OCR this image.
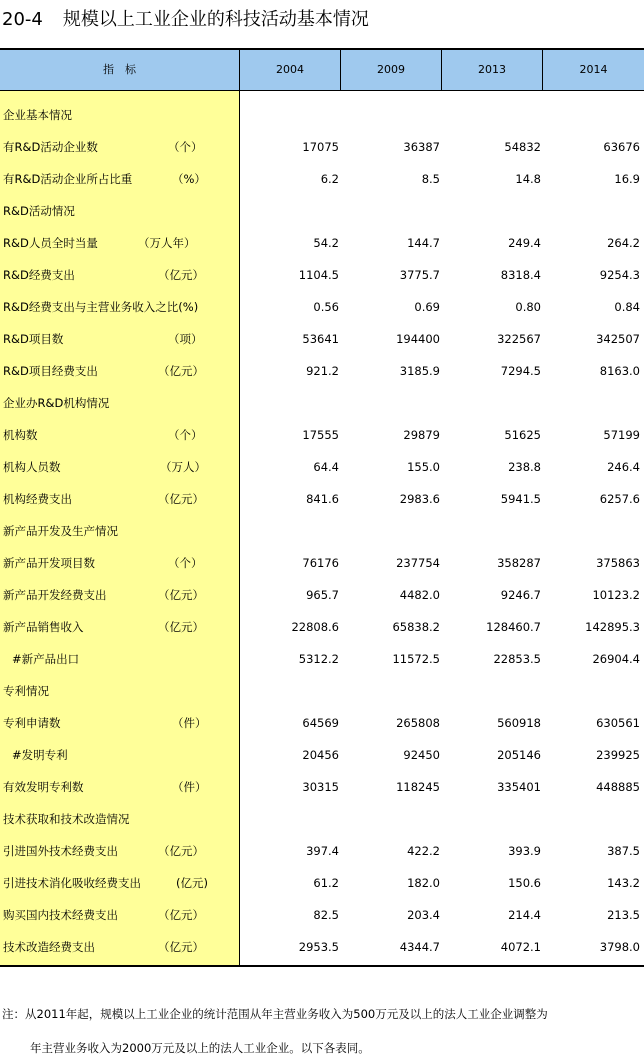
20-4 规模以上工业企业的科技活动基本情况
指　标	2004	2009	2013	2014
企业基本情况
有R&D活动企业数	（个）	17075	36387	54832	63676
有R&D活动企业所占比重	（%）	6.2	8.5	14.8	16.9
R&D活动情况
R&D人员全时当量	（万人年）	54.2	144.7	249.4	264.2
R&D经费支出	（亿元）	1104.5	3775.7	8318.4	9254.3
R&D经费支出与主营业务收入之比(%)	0.56	0.69	0.80	0.84
R&D项目数	（项）	53641	194400	322567	342507
R&D项目经费支出	（亿元）	921.2	3185.9	7294.5	8163.0
企业办R&D机构情况
机构数	（个）	17555	29879	51625	57199
机构人员数	（万人）	64.4	155.0	238.8	246.4
机构经费支出	（亿元）	841.6	2983.6	5941.5	6257.6
新产品开发及生产情况
新产品开发项目数	（个）	76176	237754	358287	375863
新产品开发经费支出	（亿元）	965.7	4482.0	9246.7	10123.2
新产品销售收入	（亿元）	22808.6	65838.2	128460.7	142895.3
#新产品出口	5312.2	11572.5	22853.5	26904.4
专利情况
专利申请数	（件）	64569	265808	560918	630561
#发明专利	20456	92450	205146	239925
有效发明专利数	（件）	30315	118245	335401	448885
技术获取和技术改造情况
引进国外技术经费支出	（亿元）	397.4	422.2	393.9	387.5
引进技术消化吸收经费支出	(亿元)	61.2	182.0	150.6	143.2
购买国内技术经费支出	（亿元）	82.5	203.4	214.4	213.5
技术改造经费支出	（亿元）	2953.5	4344.7	4072.1	3798.0
注：从2011年起，规模以上工业企业的统计范围从年主营业务收入为500万元及以上的法人工业企业调整为
年主营业务收入为2000万元及以上的法人工业企业。以下各表同。
